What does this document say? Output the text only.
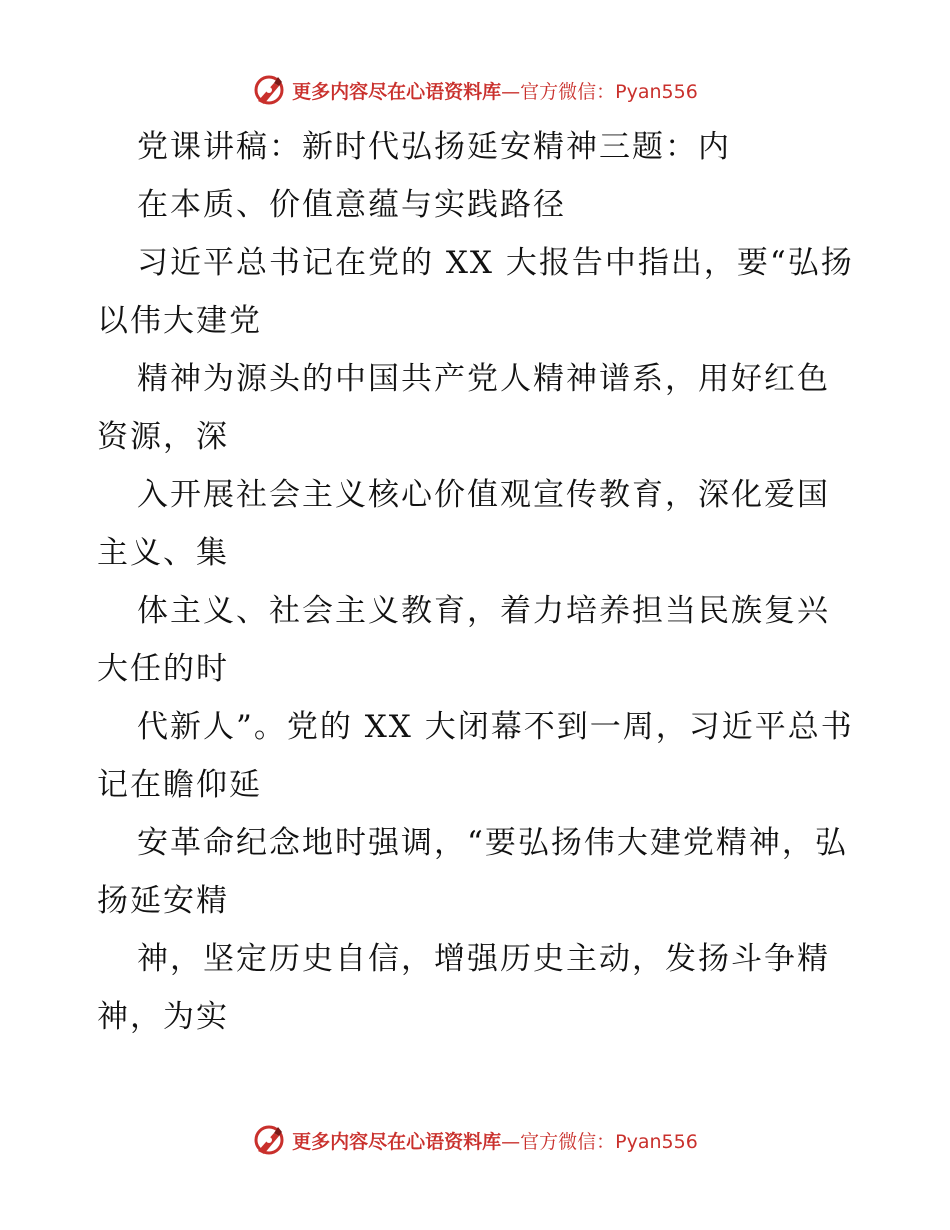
更多内容尽在心语资料库—官方微信：Pyan556

党课讲稿：新时代弘扬延安精神三题：内

在本质、价值意蕴与实践路径

习近平总书记在党的 XX 大报告中指出，要“弘扬以伟大建党

精神为源头的中国共产党人精神谱系，用好红色资源，深

入开展社会主义核心价值观宣传教育，深化爱国主义、集

体主义、社会主义教育，着力培养担当民族复兴大任的时

代新人”。党的 XX 大闭幕不到一周，习近平总书记在瞻仰延

安革命纪念地时强调，“要弘扬伟大建党精神，弘扬延安精

神，坚定历史自信，增强历史主动，发扬斗争精神，为实

更多内容尽在心语资料库—官方微信：Pyan556
